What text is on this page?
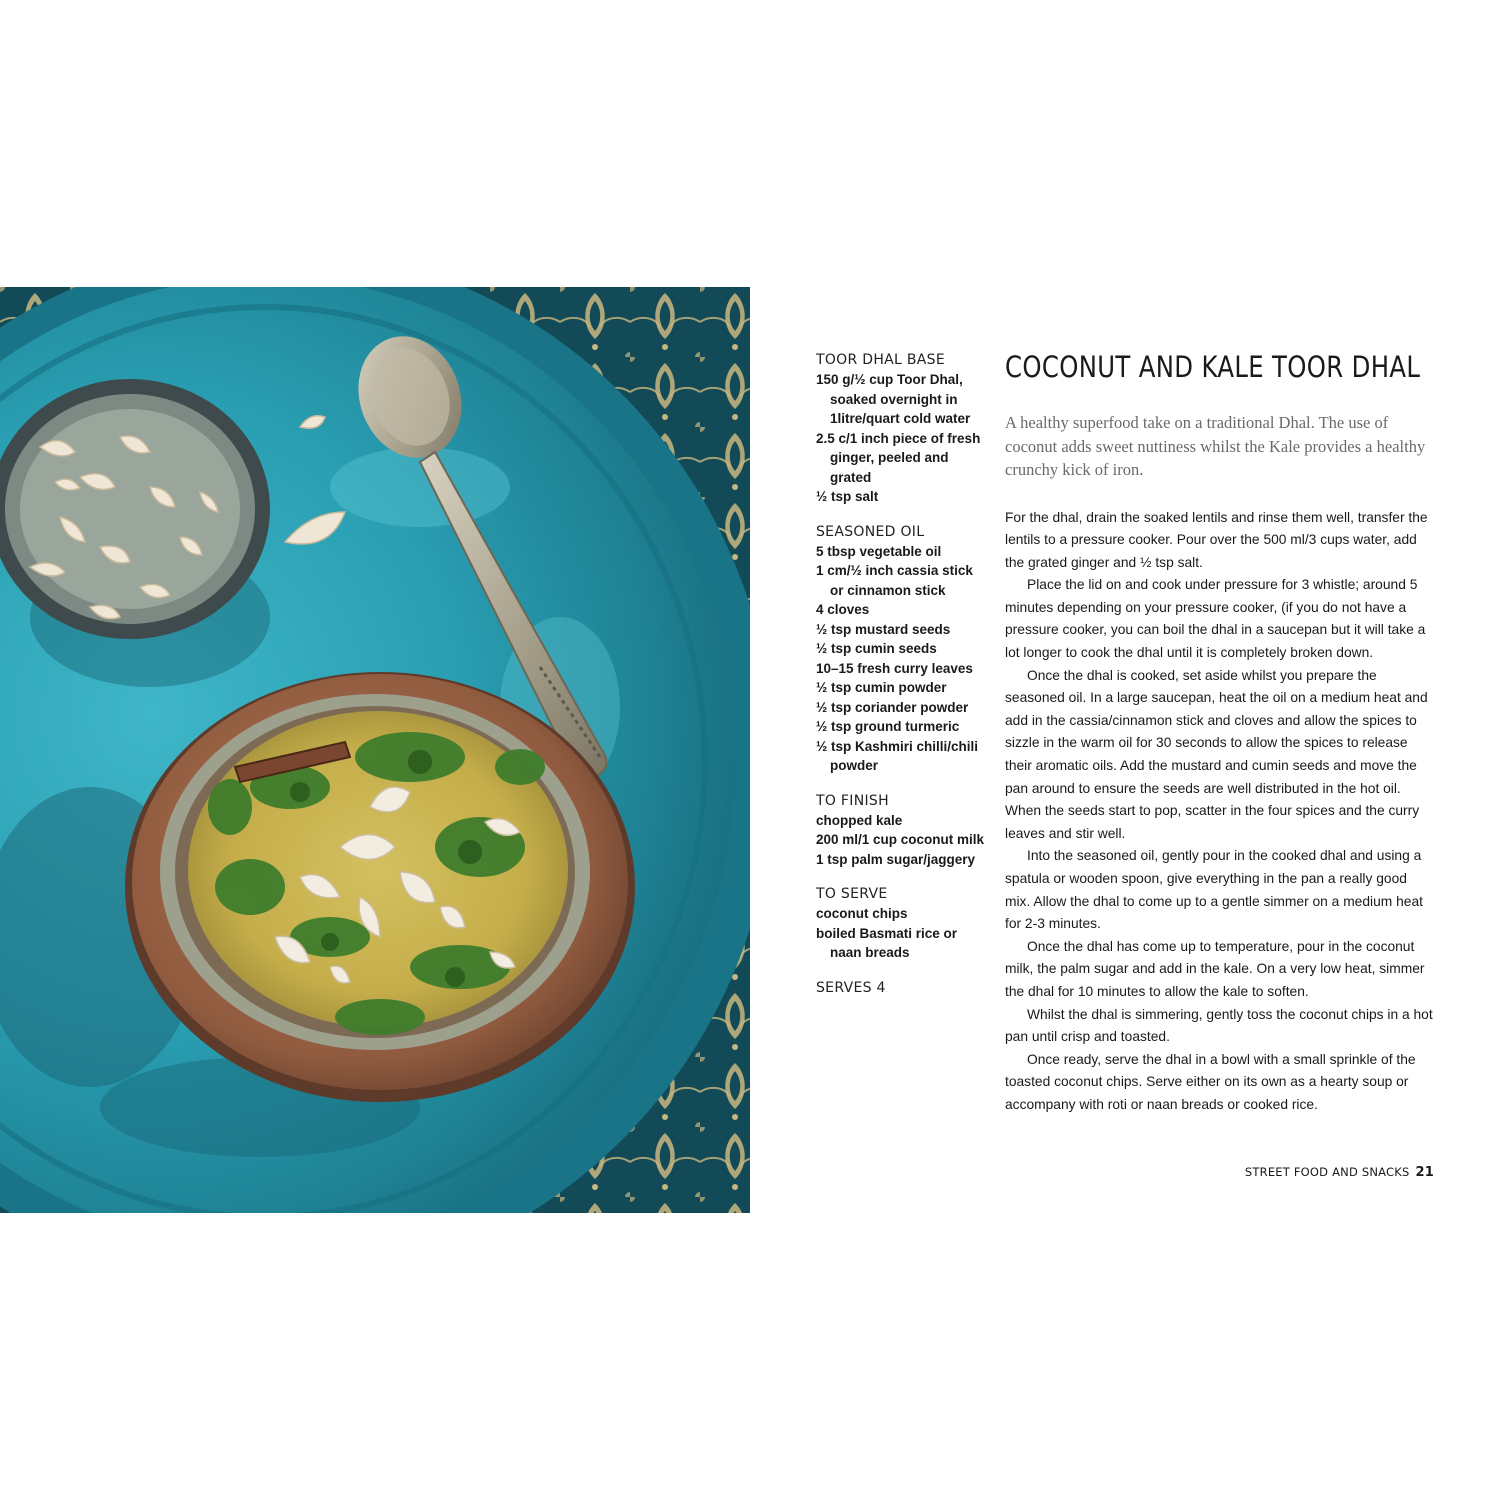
TOOR DHAL BASE
150 g/½ cup Toor Dhal, soaked overnight in 1litre/quart cold water
2.5 c/1 inch piece of fresh ginger, peeled and grated
½ tsp salt
SEASONED OIL
5 tbsp vegetable oil
1 cm/½ inch cassia stick or cinnamon stick
4 cloves
½ tsp mustard seeds
½ tsp cumin seeds
10–15 fresh curry leaves
½ tsp cumin powder
½ tsp coriander powder
½ tsp ground turmeric
½ tsp Kashmiri chilli/chili powder
TO FINISH
chopped kale
200 ml/1 cup coconut milk
1 tsp palm sugar/jaggery
TO SERVE
coconut chips
boiled Basmati rice or naan breads

SERVES 4

COCONUT AND KALE TOOR DHAL

A healthy superfood take on a traditional Dhal. The use of coconut adds sweet nuttiness whilst the Kale provides a healthy crunchy kick of iron.

For the dhal, drain the soaked lentils and rinse them well, transfer the lentils to a pressure cooker. Pour over the 500 ml/3 cups water, add the grated ginger and ½ tsp salt.

Place the lid on and cook under pressure for 3 whistle; around 5 minutes depending on your pressure cooker, (if you do not have a pressure cooker, you can boil the dhal in a saucepan but it will take a lot longer to cook the dhal until it is completely broken down.

Once the dhal is cooked, set aside whilst you prepare the seasoned oil. In a large saucepan, heat the oil on a medium heat and add in the cassia/cinnamon stick and cloves and allow the spices to sizzle in the warm oil for 30 seconds to allow the spices to release their aromatic oils. Add the mustard and cumin seeds and move the pan around to ensure the seeds are well distributed in the hot oil. When the seeds start to pop, scatter in the four spices and the curry leaves and stir well.

Into the seasoned oil, gently pour in the cooked dhal and using a spatula or wooden spoon, give everything in the pan a really good mix. Allow the dhal to come up to a gentle simmer on a medium heat for 2-3 minutes.

Once the dhal has come up to temperature, pour in the coconut milk, the palm sugar and add in the kale. On a very low heat, simmer the dhal for 10 minutes to allow the kale to soften.

Whilst the dhal is simmering, gently toss the coconut chips in a hot pan until crisp and toasted.

Once ready, serve the dhal in a bowl with a small sprinkle of the toasted coconut chips. Serve either on its own as a hearty soup or accompany with roti or naan breads or cooked rice.

STREET FOOD AND SNACKS 21
